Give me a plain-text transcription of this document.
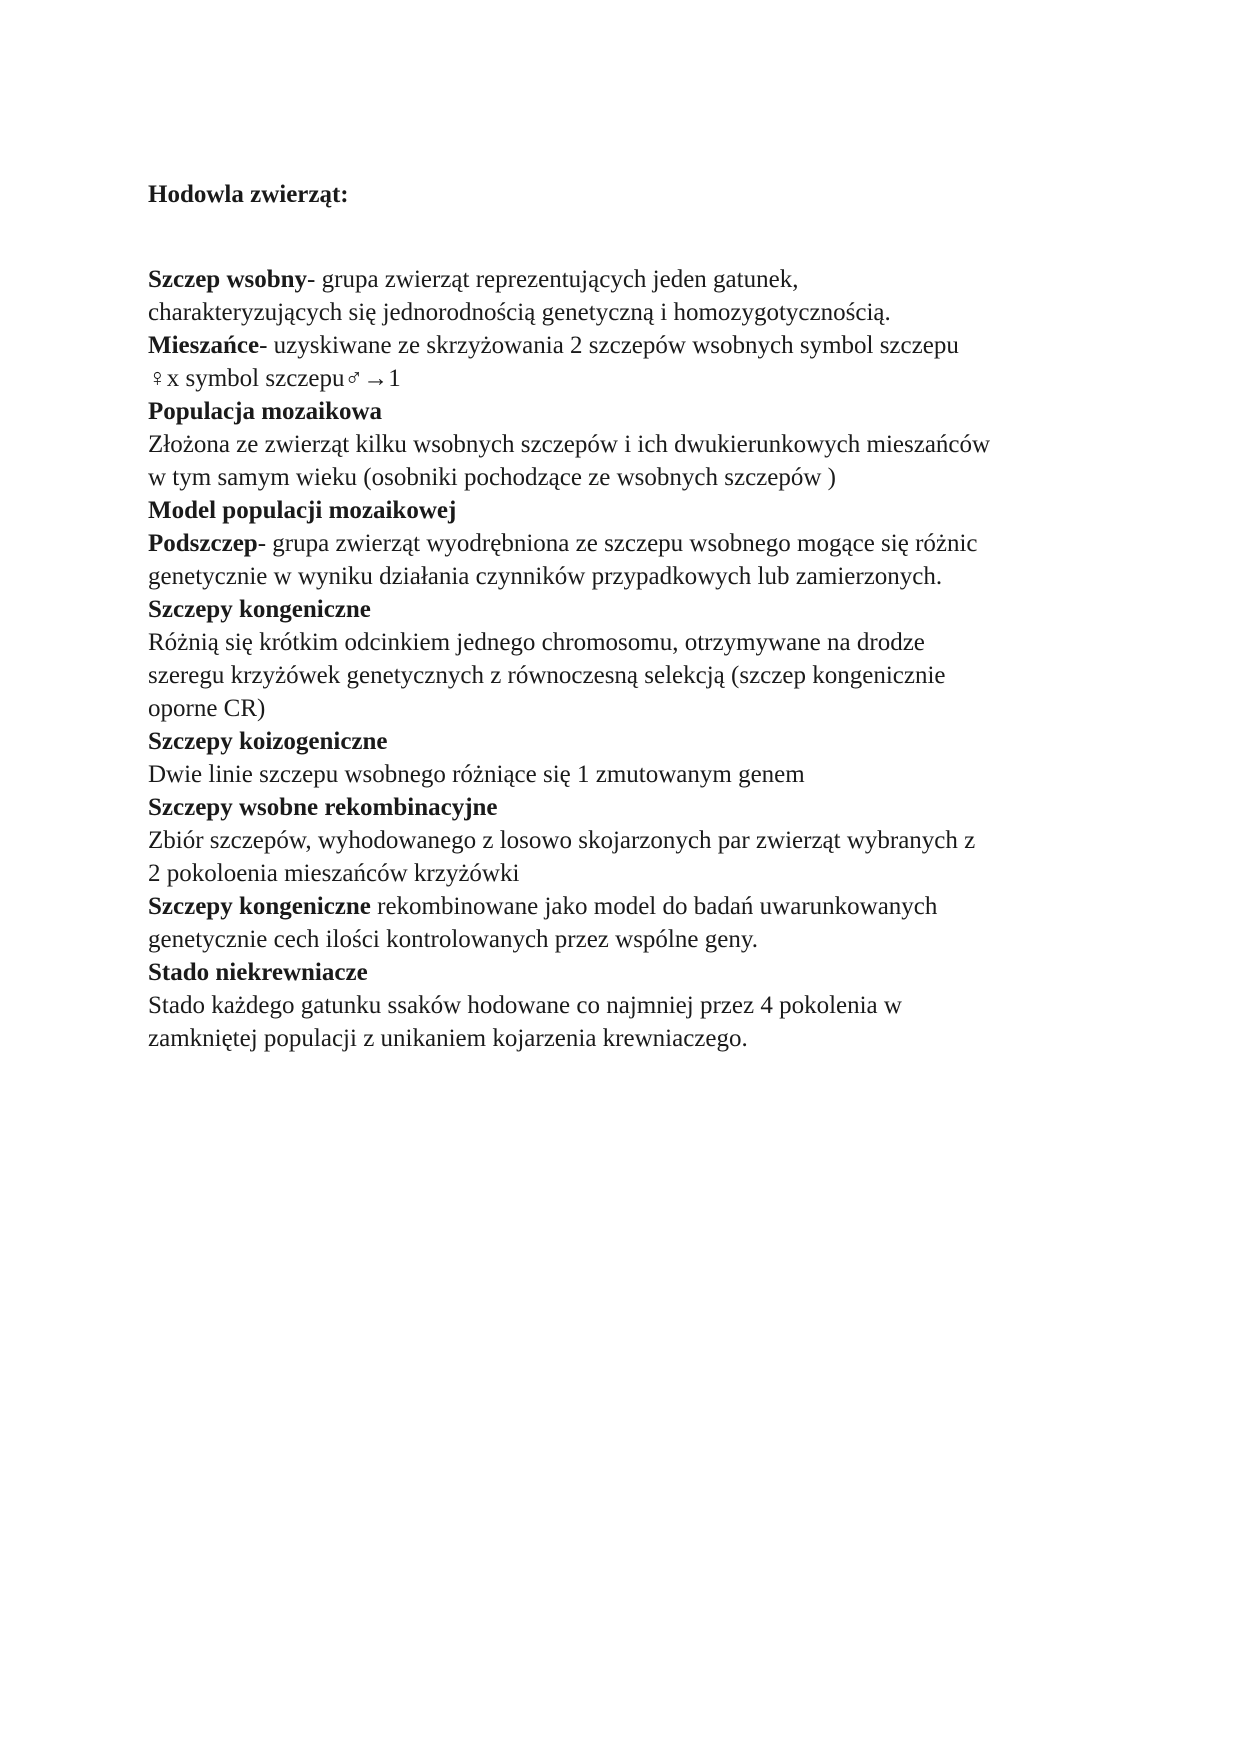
Hodowla zwierząt:

Szczep wsobny- grupa zwierząt reprezentujących jeden gatunek,

charakteryzujących się jednorodnością genetyczną i homozygotycznością.

Mieszańce- uzyskiwane ze skrzyżowania 2 szczepów wsobnych symbol szczepu

♀x symbol szczepu♂→1

Populacja mozaikowa

Złożona ze zwierząt kilku wsobnych szczepów i ich dwukierunkowych mieszańców

w tym samym wieku (osobniki pochodzące ze wsobnych szczepów )

Model populacji mozaikowej

Podszczep- grupa zwierząt wyodrębniona ze szczepu wsobnego mogące się różnic

genetycznie w wyniku działania czynników przypadkowych lub zamierzonych.

Szczepy kongeniczne

Różnią się krótkim odcinkiem jednego chromosomu, otrzymywane na drodze

szeregu krzyżówek genetycznych z równoczesną selekcją (szczep kongenicznie

oporne CR)

Szczepy koizogeniczne

Dwie linie szczepu wsobnego różniące się 1 zmutowanym genem

Szczepy wsobne rekombinacyjne

Zbiór szczepów, wyhodowanego z losowo skojarzonych par zwierząt wybranych z

2 pokoloenia mieszańców krzyżówki

Szczepy kongeniczne rekombinowane jako model do badań uwarunkowanych

genetycznie cech ilości kontrolowanych przez wspólne geny.

Stado niekrewniacze

Stado każdego gatunku ssaków hodowane co najmniej przez 4 pokolenia w

zamkniętej populacji z unikaniem kojarzenia krewniaczego.
